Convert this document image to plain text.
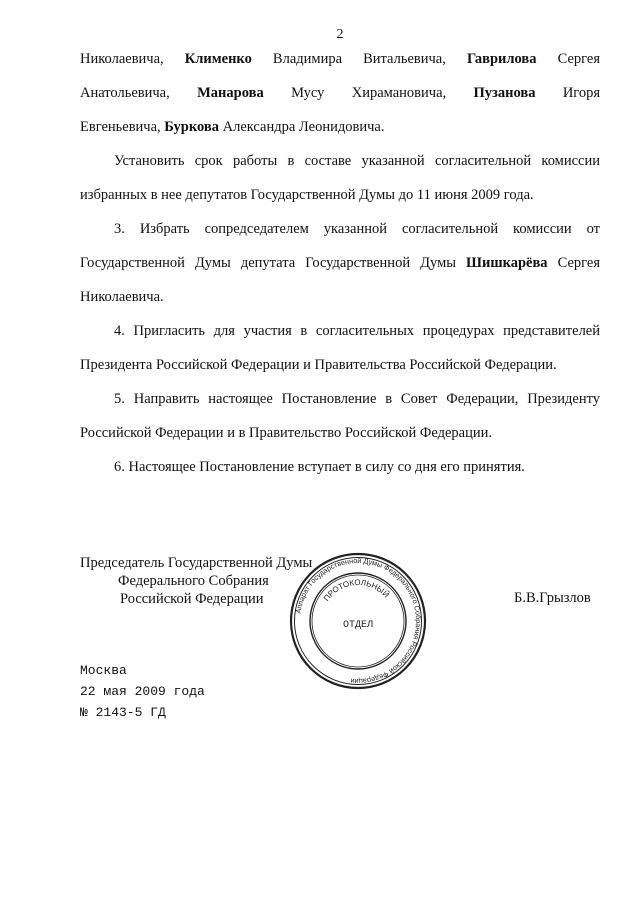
2
Николаевича, Клименко Владимира Витальевича, Гаврилова Сергея
Анатольевича, Манарова Мусу Хирамановича, Пузанова Игоря
Евгеньевича, Буркова Александра Леонидовича.
Установить срок работы в составе указанной согласительной комиссии
избранных в нее депутатов Государственной Думы до 11 июня 2009 года.
3. Избрать сопредседателем указанной согласительной комиссии от
Государственной Думы депутата Государственной Думы Шишкарёва Сергея
Николаевича.
4. Пригласить для участия в согласительных процедурах представителей
Президента Российской Федерации и Правительства Российской Федерации.
5. Направить настоящее Постановление в Совет Федерации, Президенту
Российской Федерации и в Правительство Российской Федерации.
6. Настоящее Постановление вступает в силу со дня его принятия.
Председатель Государственной Думы
Федерального Собрания
Российской Федерации	Б.В.Грызлов
Аппарат Государственной Думы Федерального Собрания Российской Федерации
ПРОТОКОЛЬНЫЙ
ОТДЕЛ
Москва
22 мая 2009 года
№ 2143-5 ГД
